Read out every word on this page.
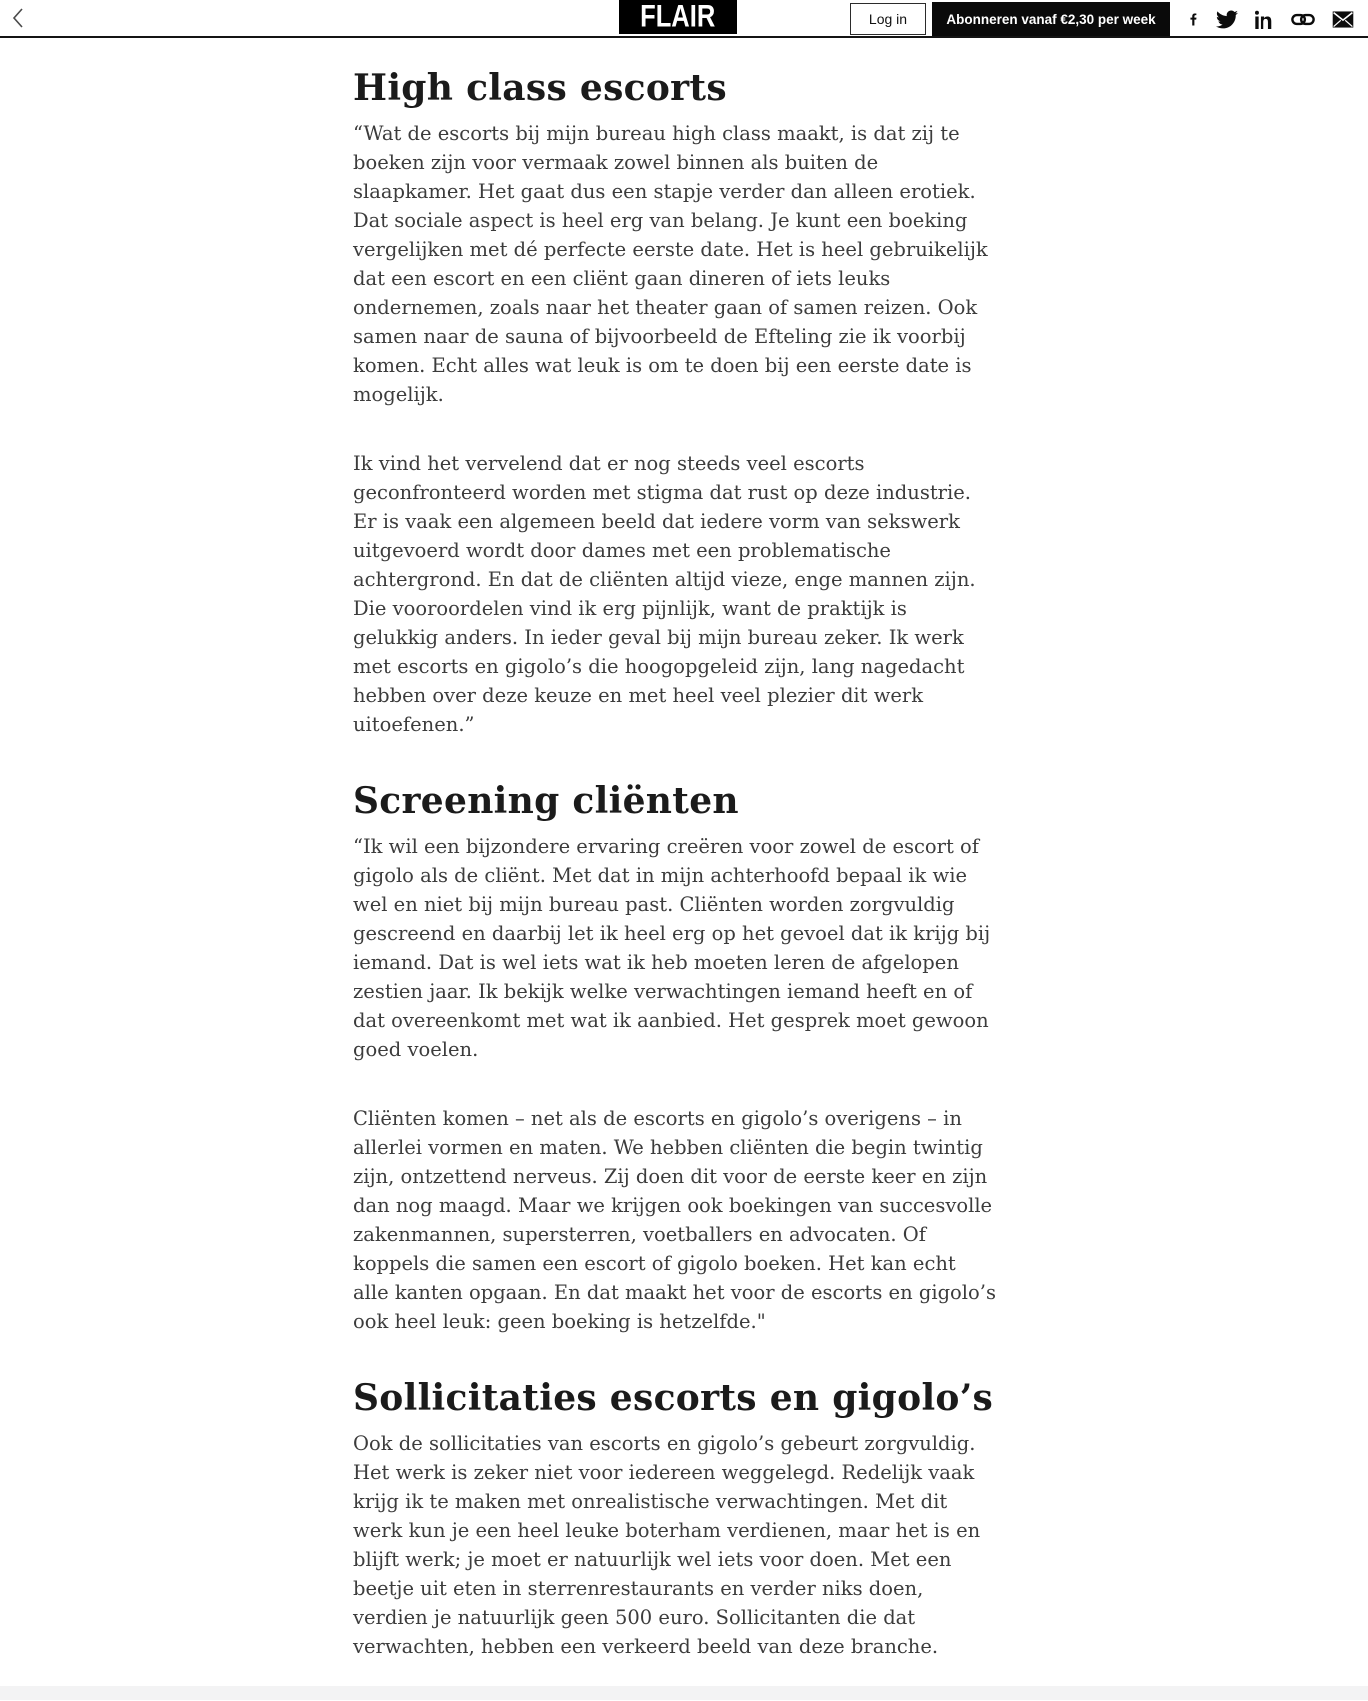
FLAIR	Log in	Abonneren vanaf €2,30 per week
High class escorts

“Wat de escorts bij mijn bureau high class maakt, is dat zij te boeken zijn voor vermaak zowel binnen als buiten de slaapkamer. Het gaat dus een stapje verder dan alleen erotiek. Dat sociale aspect is heel erg van belang. Je kunt een boeking vergelijken met dé perfecte eerste date. Het is heel gebruikelijk dat een escort en een cliënt gaan dineren of iets leuks ondernemen, zoals naar het theater gaan of samen reizen. Ook samen naar de sauna of bijvoorbeeld de Efteling zie ik voorbij komen. Echt alles wat leuk is om te doen bij een eerste date is mogelijk.

Ik vind het vervelend dat er nog steeds veel escorts geconfronteerd worden met stigma dat rust op deze industrie. Er is vaak een algemeen beeld dat iedere vorm van sekswerk uitgevoerd wordt door dames met een problematische achtergrond. En dat de cliënten altijd vieze, enge mannen zijn. Die vooroordelen vind ik erg pijnlijk, want de praktijk is gelukkig anders. In ieder geval bij mijn bureau zeker. Ik werk met escorts en gigolo’s die hoogopgeleid zijn, lang nagedacht hebben over deze keuze en met heel veel plezier dit werk uitoefenen.”

Screening cliënten

“Ik wil een bijzondere ervaring creëren voor zowel de escort of gigolo als de cliënt. Met dat in mijn achterhoofd bepaal ik wie wel en niet bij mijn bureau past. Cliënten worden zorgvuldig gescreend en daarbij let ik heel erg op het gevoel dat ik krijg bij iemand. Dat is wel iets wat ik heb moeten leren de afgelopen zestien jaar. Ik bekijk welke verwachtingen iemand heeft en of dat overeenkomt met wat ik aanbied. Het gesprek moet gewoon goed voelen.

Cliënten komen – net als de escorts en gigolo’s overigens – in allerlei vormen en maten. We hebben cliënten die begin twintig zijn, ontzettend nerveus. Zij doen dit voor de eerste keer en zijn dan nog maagd. Maar we krijgen ook boekingen van succesvolle zakenmannen, supersterren, voetballers en advocaten. Of koppels die samen een escort of gigolo boeken. Het kan echt alle kanten opgaan. En dat maakt het voor de escorts en gigolo’s ook heel leuk: geen boeking is hetzelfde."

Sollicitaties escorts en gigolo’s

Ook de sollicitaties van escorts en gigolo’s gebeurt zorgvuldig. Het werk is zeker niet voor iedereen weggelegd. Redelijk vaak krijg ik te maken met onrealistische verwachtingen. Met dit werk kun je een heel leuke boterham verdienen, maar het is en blijft werk; je moet er natuurlijk wel iets voor doen. Met een beetje uit eten in sterrenrestaurants en verder niks doen, verdien je natuurlijk geen 500 euro. Sollicitanten die dat verwachten, hebben een verkeerd beeld van deze branche.
